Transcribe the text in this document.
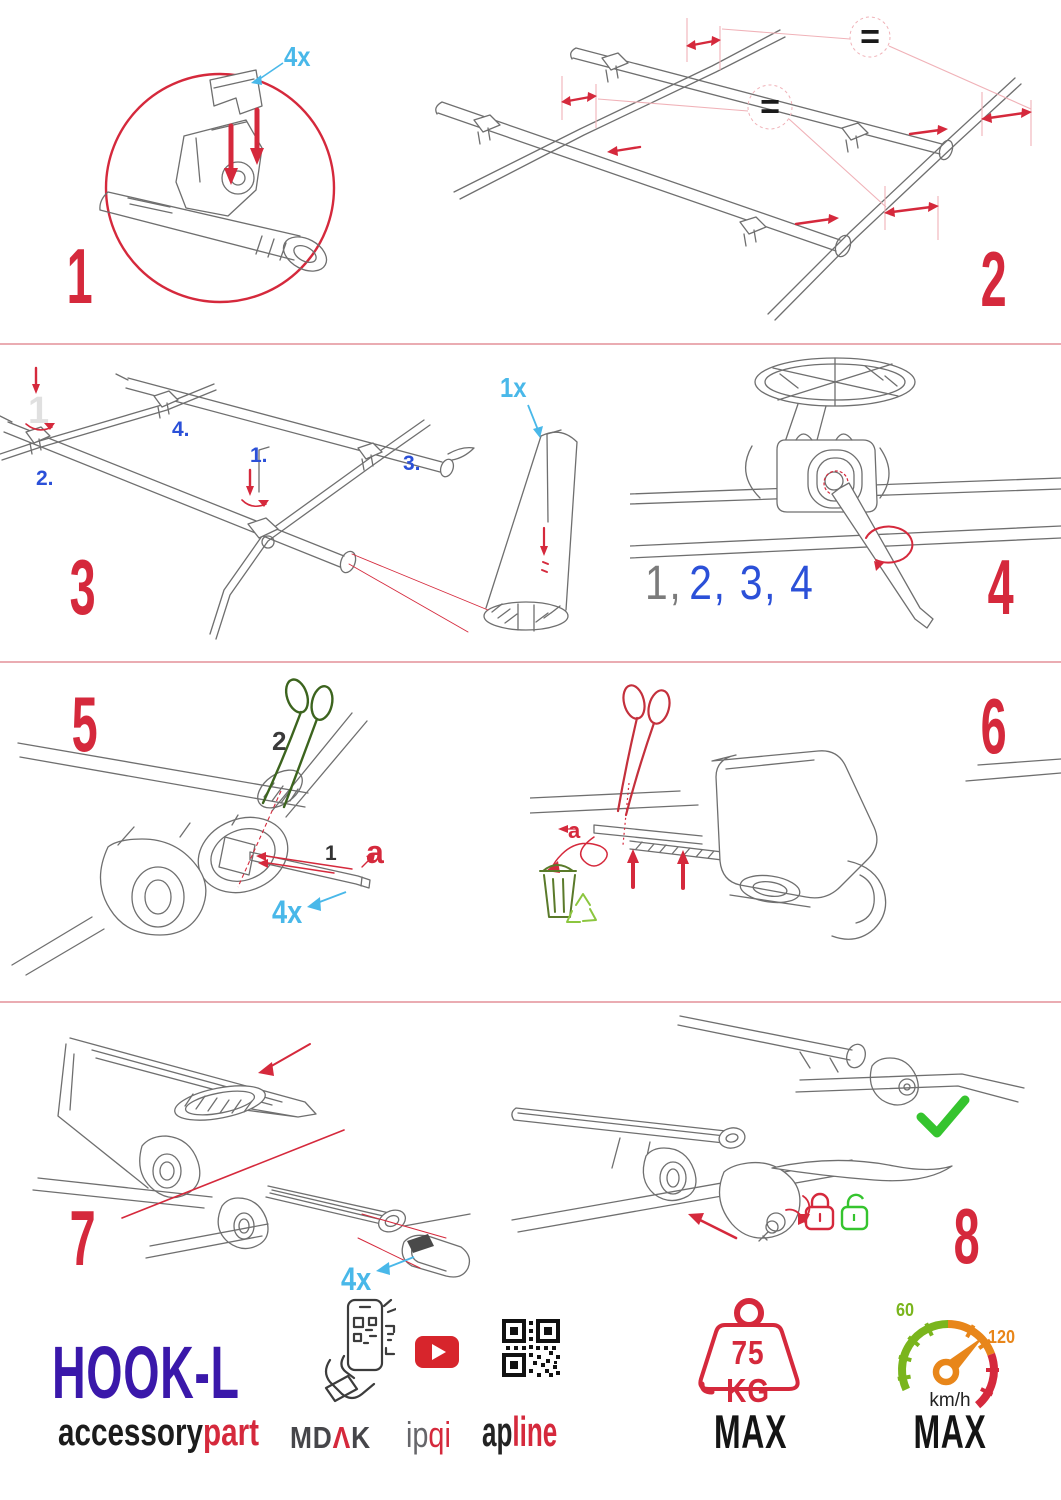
4x
1
=
=
2
1	4.
2.
1.	3.
1x
3	1, 2, 3, 4 4
2
1 a
4x
5
a
6
4x
7	8
HOOK-L
accessorypart MDΛK ipqi apline
75 KG
MAX
60
120
km/h
MAX
